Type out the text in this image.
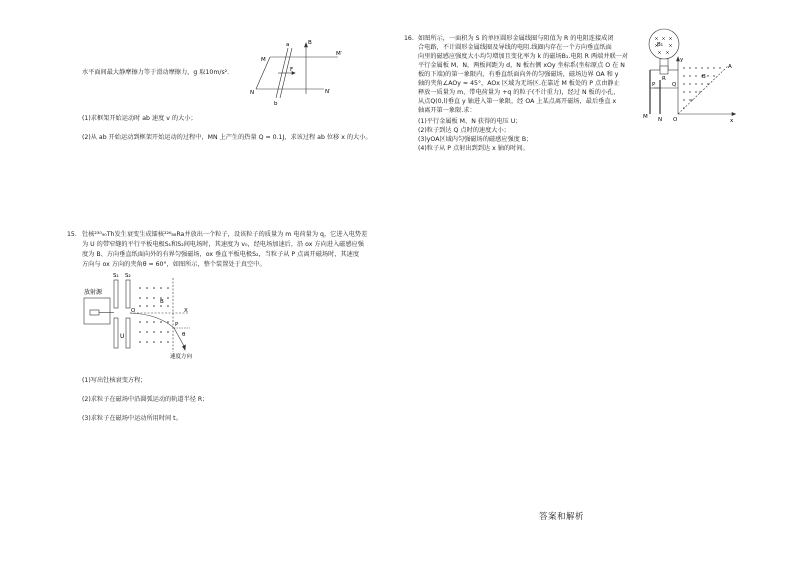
水平面间最大静摩擦力等于滑动摩擦力，g 取10m/s².
M
M′
N	N′
a
b
B
F
(1)求框架开始运动时 ab 速度 v 的大小；
(2)从 ab 开始运动到框架开始运动的过程中，MN 上产生的热量 Q = 0.1J，求该过程 ab 位移 x 的大小。
15. 钍核²³⁰₉₀Th发生衰变生成镭核²²⁶₈₈Ra并放出一个粒子，设该粒子的质量为 m 电荷量为 q，它进入电势差
为 U 的带窄缝的平行平板电极S₁和S₂间电场时，其速度为 v₀，经电场加速后，沿 ox 方向进入磁感应强
度为 B、方向垂直纸面向外的有界匀强磁场，ox 垂直平板电极S₂，当粒子从 P 点离开磁场时，其速度
方向与 ox 方向的夹角θ = 60°，如图所示，整个装置处于真空中。
放射源
S₁ S₂
U
O	X
P
B
θ
速度方向
(1)写出钍核衰变方程；
(2)求粒子在磁场中沿圆弧运动的轨道半径 R；
(3)求粒子在磁场中运动所用时间 t。
16. 如图所示，一面积为 S 的单匝圆形金属线圈与阻值为 R 的电阻连接成闭
合电路，不计圆形金属线圈及导线的电阻.线圈内存在一个方向垂直纸面
向里的磁感应强度大小均匀增加且变化率为 k 的磁场B₁.电阻 R 两端并联一对
平行金属板 M、N，两板间距为 d，N 板右侧 xOy 坐标系(坐标原点 O 在 N
板的下端)的第一象限内，有垂直纸面向外的匀强磁场，磁场边界 OA 和 y
轴的夹角∠AOy = 45°，AOx 区域为无场区.在靠近 M 板处的 P 点由静止
释放一质量为 m、带电荷量为 +q 的粒子(不计重力)，经过 N 板的小孔，
从点Q(0,l)垂直 y 轴进入第一象限，经 OA 上某点离开磁场，最后垂直 x
轴离开第一象限.求：
(1)平行金属板 M、N 获得的电压 U；
(2)粒子到达 Q 点时的速度大小；
(3)yOA区域内匀强磁场的磁感应强度 B；
(4)粒子从 P 点射出到到达 x 轴的时间。
B₁
R
M N
P	Q
O	x
y
A
B
答案和解析
